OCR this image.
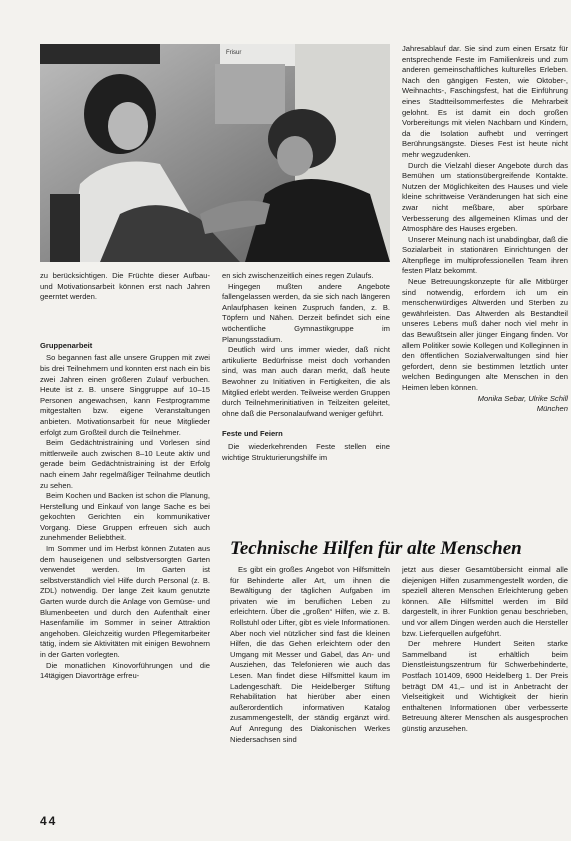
Frisur

zu berücksichtigen. Die Früchte dieser Aufbau- und Motivationsarbeit können erst nach Jahren geerntet werden.

Gruppenarbeit

So begannen fast alle unsere Gruppen mit zwei bis drei Teilnehmern und konnten erst nach ein bis zwei Jahren einen größeren Zulauf verbuchen. Heute ist z. B. unsere Singgruppe auf 10–15 Personen angewachsen, kann Festprogramme mitgestalten bzw. eigene Veranstaltungen anbieten. Motivationsarbeit für neue Mitglieder erfolgt zum Großteil durch die Teilnehmer.

Beim Gedächtnistraining und Vorlesen sind mittlerweile auch zwischen 8–10 Leute aktiv und gerade beim Gedächtnistraining ist der Erfolg nach einem Jahr regelmäßiger Teilnahme deutlich zu sehen.

Beim Kochen und Backen ist schon die Planung, Herstellung und Einkauf von lange Sache es bei gekochten Gerichten ein kommunikativer Vorgang. Diese Gruppen erfreuen sich auch zunehmender Beliebtheit.

Im Sommer und im Herbst können Zutaten aus dem hauseigenen und selbstversorgten Garten verwendet werden. Im Garten ist selbstverständlich viel Hilfe durch Personal (z. B. ZDL) notwendig. Der lange Zeit kaum genutzte Garten wurde durch die Anlage von Gemüse- und Blumenbeeten und durch den Aufenthalt einer Hasenfamilie im Sommer in seiner Attraktion angehoben. Gleichzeitig wurden Pflegemitarbeiter tätig, indem sie Aktivitäten mit einigen Bewohnern in der Garten vorlegten.

Die monatlichen Kinovorführungen und die 14tägigen Diavorträge erfreu-

en sich zwischenzeitlich eines regen Zulaufs.

Hingegen mußten andere Angebote fallengelassen werden, da sie sich nach längeren Anlaufphasen keinen Zuspruch fanden, z. B. Töpfern und Nähen. Derzeit befindet sich eine wöchentliche Gymnastikgruppe im Planungsstadium.

Deutlich wird uns immer wieder, daß nicht artikulierte Bedürfnisse meist doch vorhanden sind, was man auch daran merkt, daß heute Bewohner zu Initiativen in Fertigkeiten, die als Mitglied erlebt werden. Teilweise werden Gruppen durch Teilnehmerinitiativen in Teilzeiten geleitet, ohne daß die Personalaufwand weniger geführt.

Feste und Feiern

Die wiederkehrenden Feste stellen eine wichtige Strukturierungshilfe im

Jahresablauf dar. Sie sind zum einen Ersatz für entsprechende Feste im Familienkreis und zum anderen gemeinschaftliches kulturelles Erleben. Nach den gängigen Festen, wie Oktober-, Weihnachts-, Faschingsfest, hat die Einführung eines Stadtteilsommerfestes die Mehrarbeit gelohnt. Es ist damit ein doch großen Vorbereitungs mit vielen Nachbarn und Kindern, da die Isolation aufhebt und verringert Berührungsängste. Dieses Fest ist heute nicht mehr wegzudenken.

Durch die Vielzahl dieser Angebote durch das Bemühen um stationsübergreifende Kontakte. Nutzen der Möglichkeiten des Hauses und viele kleine schrittweise Veränderungen hat sich eine zwar nicht meßbare, aber spürbare Verbesserung des allgemeinen Klimas und der Atmosphäre des Hauses ergeben.

Unserer Meinung nach ist unabdingbar, daß die Sozialarbeit in stationären Einrichtungen der Altenpflege im multiprofessionellen Team ihren festen Platz bekommt.

Neue Betreuungskonzepte für alle Mitbürger sind notwendig, erfordern ich um ein menschenwürdiges Altwerden und Sterben zu gewährleisten. Das Altwerden als Bestandteil unseres Lebens muß daher noch viel mehr in das Bewußtsein aller jünger Eingang finden. Vor allem Politiker sowie Kollegen und Kolleginnen in den öffentlichen Sozialverwaltungen sind hier gefordert, denn sie bestimmen letztlich unter welchen Bedingungen alte Menschen in den Heimen leben können.

Monika Sebar, Ulrike Schill

München

Technische Hilfen für alte Menschen

Es gibt ein großes Angebot von Hilfsmitteln für Behinderte aller Art, um ihnen die Bewältigung der täglichen Aufgaben im privaten wie im beruflichen Leben zu erleichtern. Über die „großen“ Hilfen, wie z. B. Rollstuhl oder Lifter, gibt es viele Informationen. Aber noch viel nützlicher sind fast die kleinen Hilfen, die das Gehen erleichtern oder den Umgang mit Messer und Gabel, das An- und Ausziehen, das Telefonieren wie auch das Lesen. Man findet diese Hilfsmittel kaum im Ladengeschäft. Die Heidelberger Stiftung Rehabilitation hat hierüber aber einen außerordentlich informativen Katalog zusammengestellt, der ständig ergänzt wird. Auf Anregung des Diakonischen Werkes Niedersachsen sind

jetzt aus dieser Gesamtübersicht einmal alle diejenigen Hilfen zusammengestellt worden, die speziell älteren Menschen Erleichterung geben können. Alle Hilfsmittel werden im Bild dargestellt, in ihrer Funktion genau beschrieben, und vor allem Dingen werden auch die Hersteller bzw. Lieferquellen aufgeführt.

Der mehrere Hundert Seiten starke Sammelband ist erhältlich beim Dienstleistungszentrum für Schwerbehinderte, Postfach 101409, 6900 Heidelberg 1. Der Preis beträgt DM 41,– und ist in Anbetracht der Vielseitigkeit und Wichtigkeit der hierin enthaltenen Informationen über verbesserte Betreuung älterer Menschen als ausgesprochen günstig anzusehen.

44
